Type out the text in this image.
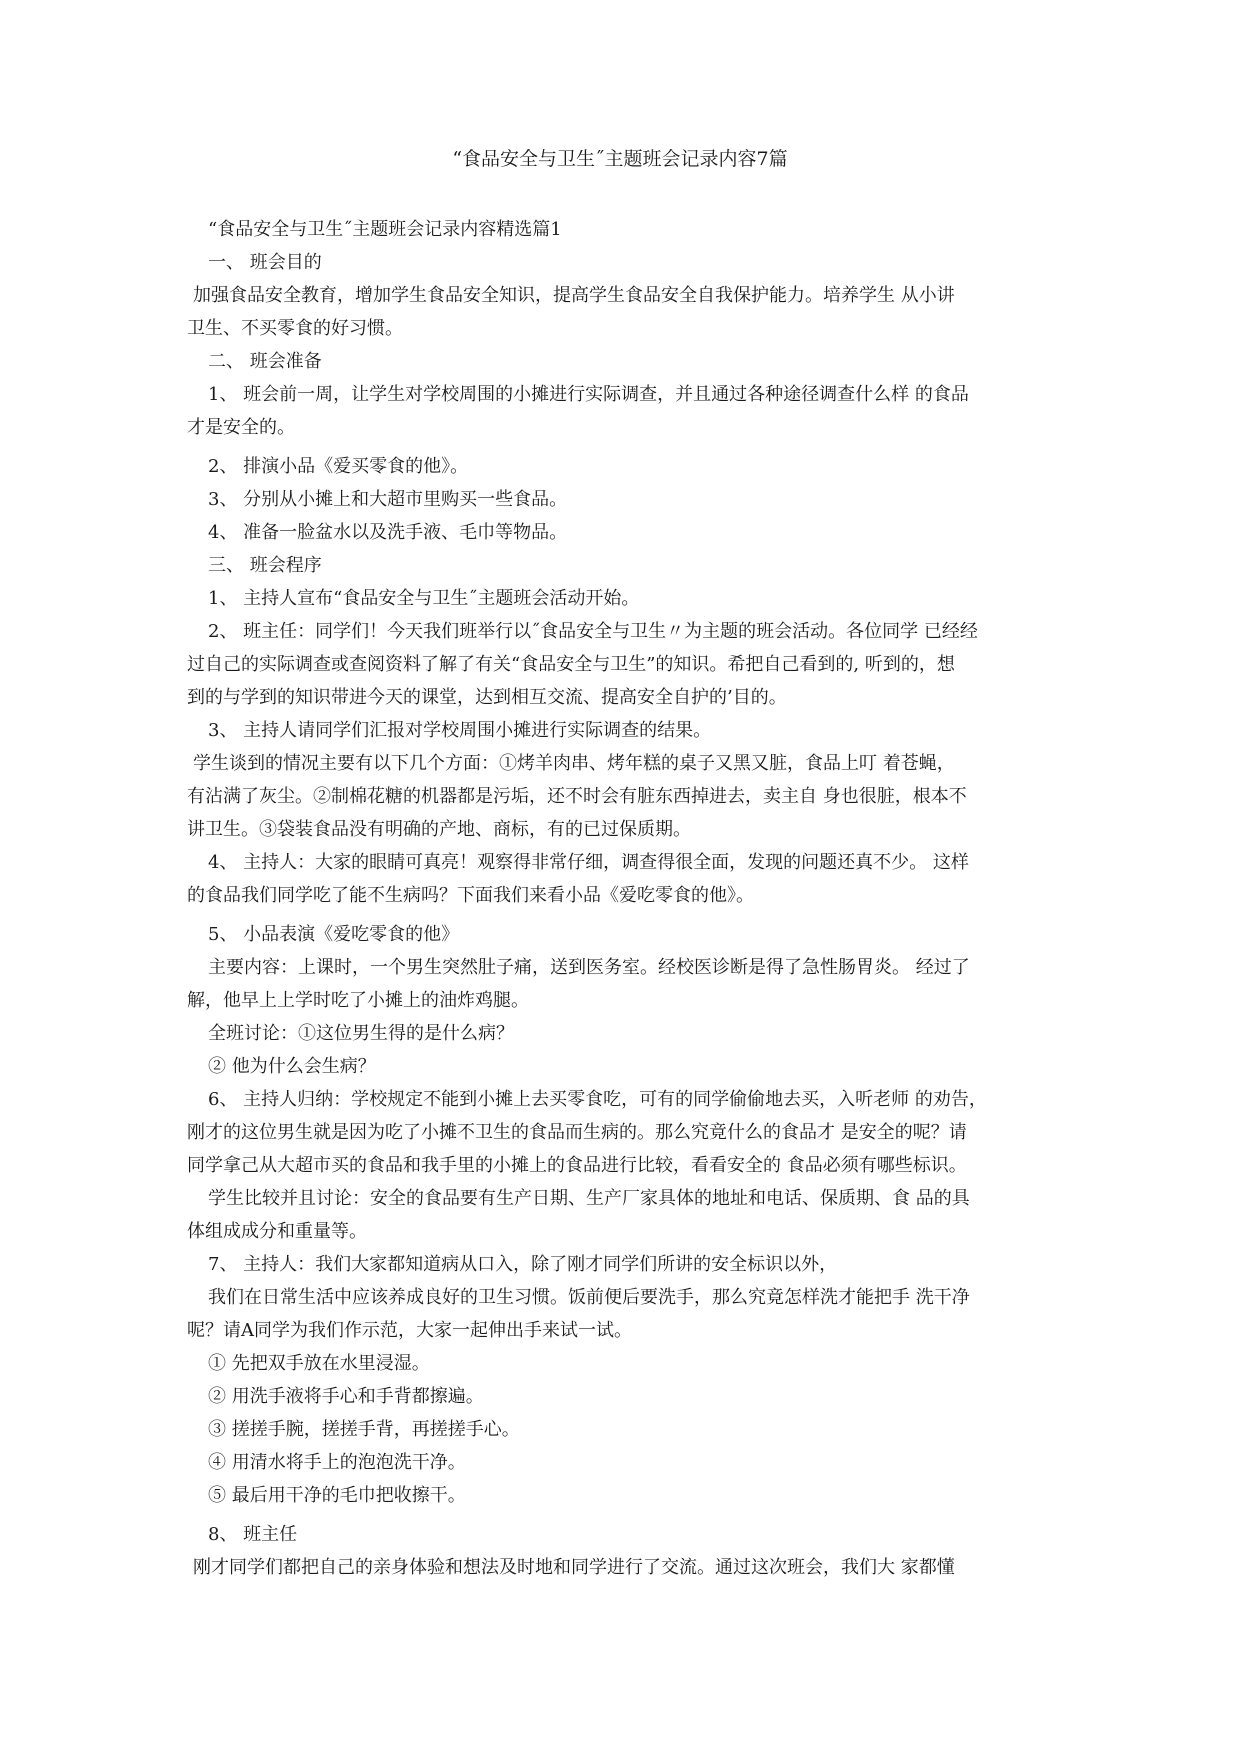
“食品安全与卫生˝主题班会记录内容7篇
“食品安全与卫生˝主题班会记录内容精选篇1
一、 班会目的
加强食品安全教育，增加学生食品安全知识，提高学生食品安全自我保护能力。培养学生 从小讲
卫生、不买零食的好习惯。
二、 班会准备
1、 班会前一周，让学生对学校周围的小摊进行实际调查，并且通过各种途径调查什么样 的食品
才是安全的。
2、 排演小品《爱买零食的他》。
3、 分别从小摊上和大超市里购买一些食品。
4、 准备一脸盆水以及洗手液、毛巾等物品。
三、 班会程序
1、 主持人宣布“食品安全与卫生˝主题班会活动开始。
2、 班主任：同学们！今天我们班举行以˝食品安全与卫生〃为主题的班会活动。各位同学 已经经
过自己的实际调查或查阅资料了解了有关“食品安全与卫生”的知识。希把自己看到的, 听到的，想
到的与学到的知识带进今天的课堂，达到相互交流、提高安全自护的’目的。
3、 主持人请同学们汇报对学校周围小摊进行实际调查的结果。
学生谈到的情况主要有以下几个方面：①烤羊肉串、烤年糕的桌子又黑又脏，食品上叮 着苍蝇，
有沾满了灰尘。②制棉花糖的机器都是污垢，还不时会有脏东西掉进去，卖主自 身也很脏，根本不
讲卫生。③袋装食品没有明确的产地、商标，有的已过保质期。
4、 主持人：大家的眼睛可真亮！观察得非常仔细，调查得很全面，发现的问题还真不少。 这样
的食品我们同学吃了能不生病吗？下面我们来看小品《爱吃零食的他》。
5、 小品表演《爱吃零食的他》
主要内容：上课时，一个男生突然肚子痛，送到医务室。经校医诊断是得了急性肠胃炎。 经过了
解，他早上上学时吃了小摊上的油炸鸡腿。
全班讨论：①这位男生得的是什么病？
② 他为什么会生病？
6、 主持人归纳：学校规定不能到小摊上去买零食吃，可有的同学偷偷地去买，入听老师 的劝告，
刚才的这位男生就是因为吃了小摊不卫生的食品而生病的。那么究竟什么的食品才 是安全的呢？请
同学拿己从大超市买的食品和我手里的小摊上的食品进行比较，看看安全的 食品必须有哪些标识。
学生比较并且讨论：安全的食品要有生产日期、生产厂家具体的地址和电话、保质期、食 品的具
体组成成分和重量等。
7、 主持人：我们大家都知道病从口入，除了刚才同学们所讲的安全标识以外，
我们在日常生活中应该养成良好的卫生习惯。饭前便后要洗手，那么究竟怎样洗才能把手 洗干净
呢？请A同学为我们作示范，大家一起伸出手来试一试。
① 先把双手放在水里浸湿。
② 用洗手液将手心和手背都擦遍。
③ 搓搓手腕，搓搓手背，再搓搓手心。
④ 用清水将手上的泡泡洗干净。
⑤ 最后用干净的毛巾把收擦干。
8、 班主任
刚才同学们都把自己的亲身体验和想法及时地和同学进行了交流。通过这次班会，我们大 家都懂
